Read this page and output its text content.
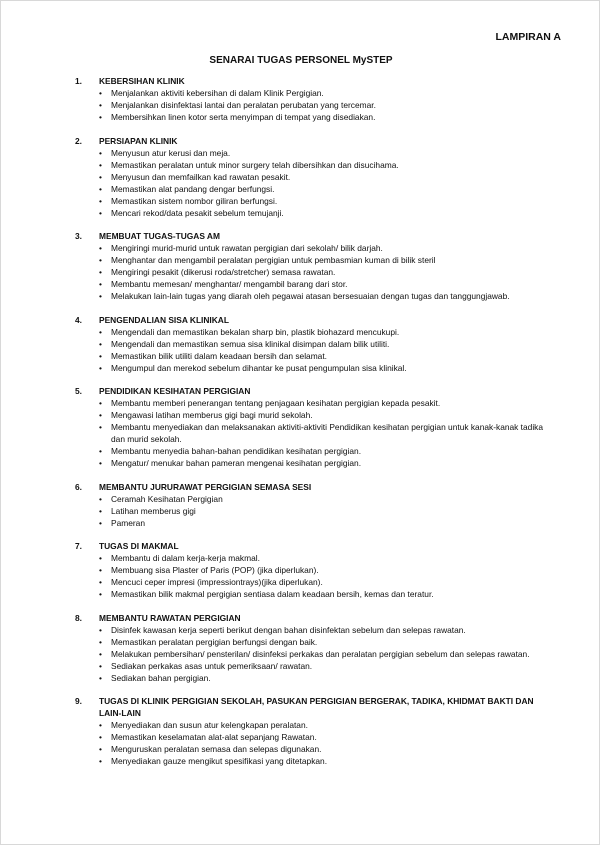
LAMPIRAN A
SENARAI TUGAS PERSONEL MySTEP
1.	KEBERSIHAN KLINIK
•	Menjalankan aktiviti kebersihan di dalam Klinik Pergigian.
•	Menjalankan disinfektasi lantai dan peralatan perubatan yang tercemar.
•	Membersihkan linen kotor serta menyimpan di tempat yang disediakan.
2.	PERSIAPAN KLINIK
•	Menyusun atur kerusi dan meja.
•	Memastikan peralatan untuk minor surgery telah dibersihkan dan disucihama.
•	Menyusun dan memfailkan kad rawatan pesakit.
•	Memastikan alat pandang dengar berfungsi.
•	Memastikan sistem nombor giliran berfungsi.
•	Mencari rekod/data pesakit sebelum temujanji.
3.	MEMBUAT TUGAS-TUGAS AM
•	Mengiringi murid-murid untuk rawatan pergigian dari sekolah/ bilik darjah.
•	Menghantar dan mengambil peralatan pergigian untuk pembasmian kuman di bilik steril
•	Mengiringi pesakit (dikerusi roda/stretcher) semasa rawatan.
•	Membantu memesan/ menghantar/ mengambil barang dari stor.
•	Melakukan lain-lain tugas yang diarah oleh pegawai atasan bersesuaian dengan tugas dan tanggungjawab.
4.	PENGENDALIAN SISA KLINIKAL
•	Mengendali dan memastikan bekalan sharp bin, plastik biohazard mencukupi.
•	Mengendali dan memastikan semua sisa klinikal disimpan dalam bilik utiliti.
•	Memastikan bilik utiliti dalam keadaan bersih dan selamat.
•	Mengumpul dan merekod sebelum dihantar ke pusat pengumpulan sisa klinikal.
5.	PENDIDIKAN KESIHATAN PERGIGIAN
•	Membantu memberi penerangan tentang penjagaan kesihatan pergigian kepada pesakit.
•	Mengawasi latihan memberus gigi bagi murid sekolah.
•	Membantu menyediakan dan melaksanakan aktiviti-aktiviti Pendidikan kesihatan pergigian untuk kanak-kanak tadika dan murid sekolah.
•	Membantu menyedia bahan-bahan pendidikan kesihatan pergigian.
•	Mengatur/ menukar bahan pameran mengenai kesihatan pergigian.
6.	MEMBANTU JURURAWAT PERGIGIAN SEMASA SESI
•	Ceramah Kesihatan Pergigian
•	Latihan memberus gigi
•	Pameran
7.	TUGAS DI MAKMAL
•	Membantu di dalam kerja-kerja makmal.
•	Membuang sisa Plaster of Paris (POP) (jika diperlukan).
•	Mencuci ceper impresi (impressiontrays)(jika diperlukan).
•	Memastikan bilik makmal pergigian sentiasa dalam keadaan bersih, kemas dan teratur.
8.	MEMBANTU RAWATAN PERGIGIAN
•	Disinfek kawasan kerja seperti berikut dengan bahan disinfektan sebelum dan selepas rawatan.
•	Memastikan peralatan pergigian berfungsi dengan baik.
•	Melakukan pembersihan/ pensterilan/ disinfeksi perkakas dan peralatan pergigian sebelum dan selepas rawatan.
•	Sediakan perkakas asas untuk pemeriksaan/ rawatan.
•	Sediakan bahan pergigian.
9.	TUGAS DI KLINIK PERGIGIAN SEKOLAH, PASUKAN PERGIGIAN BERGERAK, TADIKA, KHIDMAT BAKTI DAN LAIN-LAIN
•	Menyediakan dan susun atur kelengkapan peralatan.
•	Memastikan keselamatan alat-alat sepanjang Rawatan.
•	Menguruskan peralatan semasa dan selepas digunakan.
•	Menyediakan gauze mengikut spesifikasi yang ditetapkan.
